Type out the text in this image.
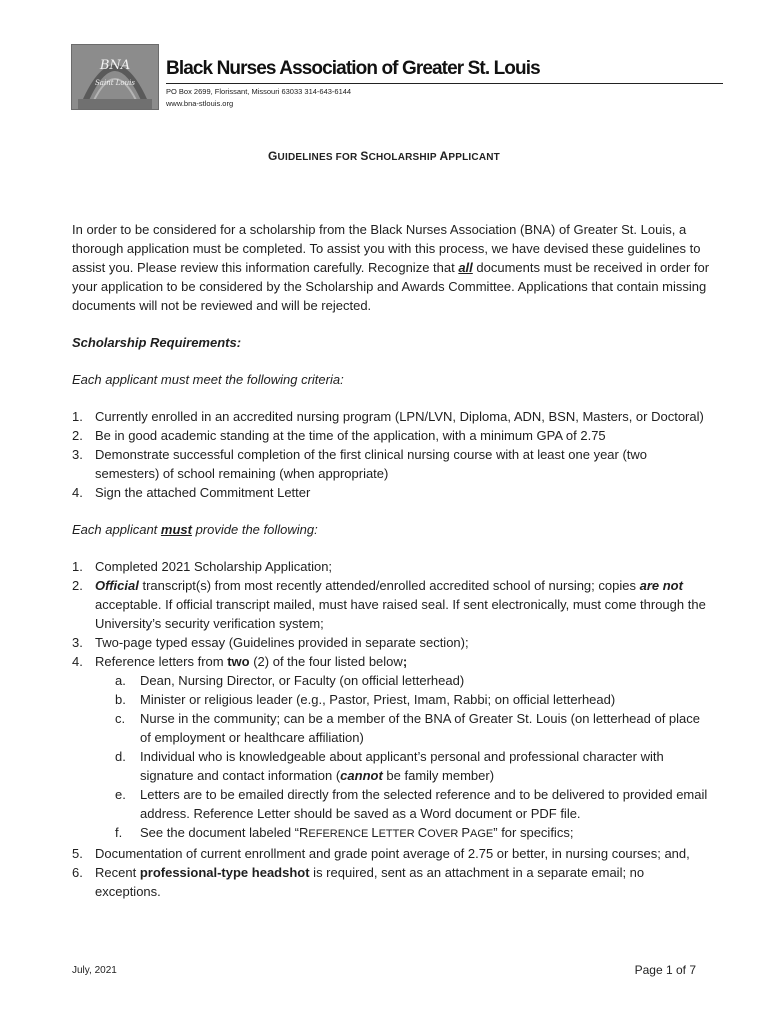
BNA
Saint Louis
Black Nurses Association of Greater St. Louis
PO Box 2699, Florissant, Missouri 63033 314-643-6144
www.bna-stlouis.org
GUIDELINES FOR SCHOLARSHIP APPLICANT

In order to be considered for a scholarship from the Black Nurses Association (BNA) of Greater St. Louis, a thorough application must be completed. To assist you with this process, we have devised these guidelines to assist you. Please review this information carefully. Recognize that all documents must be received in order for your application to be considered by the Scholarship and Awards Committee. Applications that contain missing documents will not be reviewed and will be rejected.

Scholarship Requirements:

Each applicant must meet the following criteria:

1. Currently enrolled in an accredited nursing program (LPN/LVN, Diploma, ADN, BSN, Masters, or Doctoral)
2. Be in good academic standing at the time of the application, with a minimum GPA of 2.75
3. Demonstrate successful completion of the first clinical nursing course with at least one year (two semesters) of school remaining (when appropriate)
4. Sign the attached Commitment Letter

Each applicant must provide the following:

1. Completed 2021 Scholarship Application;
2. Official transcript(s) from most recently attended/enrolled accredited school of nursing; copies are not acceptable. If official transcript mailed, must have raised seal. If sent electronically, must come through the University’s security verification system;
3. Two-page typed essay (Guidelines provided in separate section);
4. Reference letters from two (2) of the four listed below;
a. Dean, Nursing Director, or Faculty (on official letterhead)
b. Minister or religious leader (e.g., Pastor, Priest, Imam, Rabbi; on official letterhead)
c. Nurse in the community; can be a member of the BNA of Greater St. Louis (on letterhead of place of employment or healthcare affiliation)
d. Individual who is knowledgeable about applicant’s personal and professional character with signature and contact information (cannot be family member)
e. Letters are to be emailed directly from the selected reference and to be delivered to provided email address. Reference Letter should be saved as a Word document or PDF file.
f. See the document labeled “REFERENCE LETTER COVER PAGE” for specifics;
5. Documentation of current enrollment and grade point average of 2.75 or better, in nursing courses; and,
6. Recent professional-type headshot is required, sent as an attachment in a separate email; no exceptions.
July, 2021	Page 1 of 7
